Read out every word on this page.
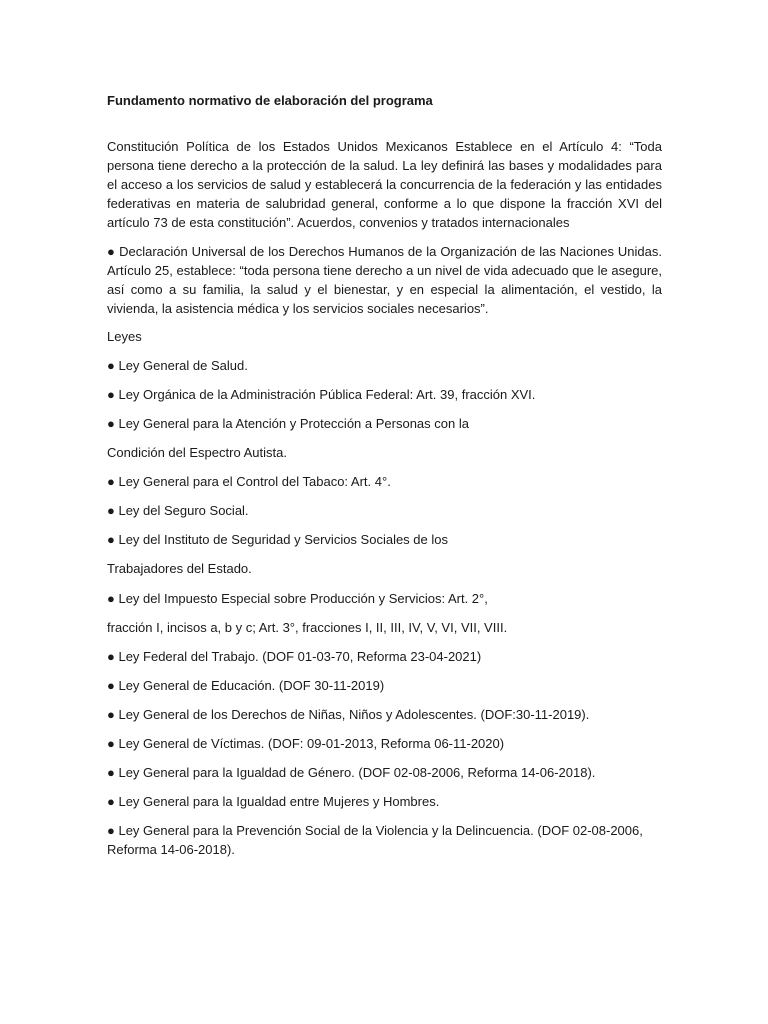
Fundamento normativo de elaboración del programa

Constitución Política de los Estados Unidos Mexicanos Establece en el Artículo 4: “Toda persona tiene derecho a la protección de la salud. La ley definirá las bases y modalidades para el acceso a los servicios de salud y establecerá la concurrencia de la federación y las entidades federativas en materia de salubridad general, conforme a lo que dispone la fracción XVI del artículo 73 de esta constitución”. Acuerdos, convenios y tratados internacionales

● Declaración Universal de los Derechos Humanos de la Organización de las Naciones Unidas. Artículo 25, establece: “toda persona tiene derecho a un nivel de vida adecuado que le asegure, así como a su familia, la salud y el bienestar, y en especial la alimentación, el vestido, la vivienda, la asistencia médica y los servicios sociales necesarios”.

Leyes

● Ley General de Salud.

● Ley Orgánica de la Administración Pública Federal: Art. 39, fracción XVI.

● Ley General para la Atención y Protección a Personas con la

Condición del Espectro Autista.

● Ley General para el Control del Tabaco: Art. 4°.

● Ley del Seguro Social.

● Ley del Instituto de Seguridad y Servicios Sociales de los

Trabajadores del Estado.

● Ley del Impuesto Especial sobre Producción y Servicios: Art. 2°,

fracción I, incisos a, b y c; Art. 3°, fracciones I, II, III, IV, V, VI, VII, VIII.

● Ley Federal del Trabajo. (DOF 01-03-70, Reforma 23-04-2021)

● Ley General de Educación. (DOF 30-11-2019)

● Ley General de los Derechos de Niñas, Niños y Adolescentes. (DOF:30-11-2019).

● Ley General de Víctimas. (DOF: 09-01-2013, Reforma 06-11-2020)

● Ley General para la Igualdad de Género. (DOF 02-08-2006, Reforma 14-06-2018).

● Ley General para la Igualdad entre Mujeres y Hombres.

● Ley General para la Prevención Social de la Violencia y la Delincuencia. (DOF 02-08-2006, Reforma 14-06-2018).
